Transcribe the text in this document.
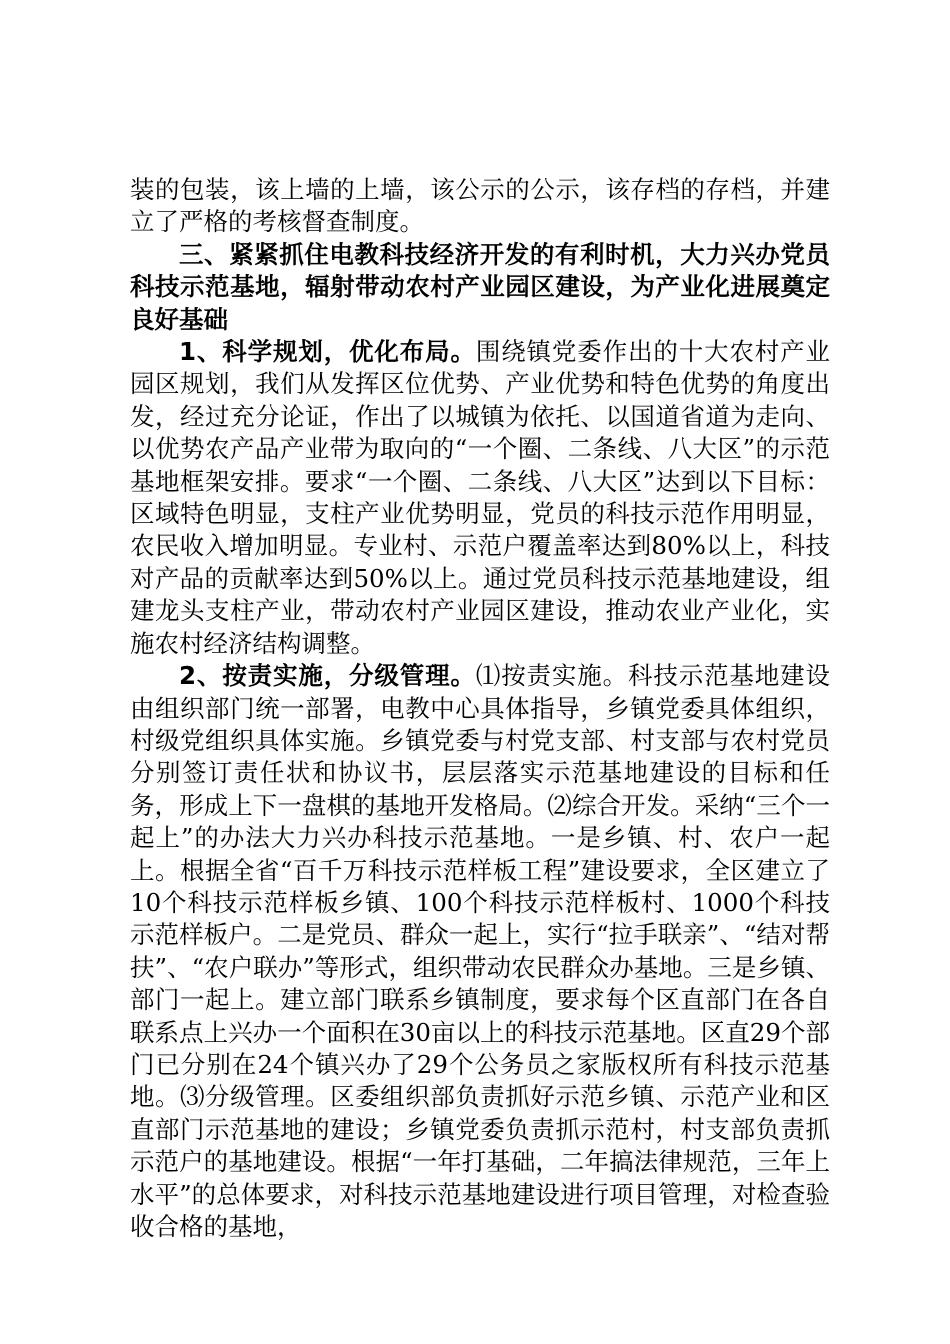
装的包装，该上墙的上墙，该公示的公示，该存档的存档，并建立了严格的考核督查制度。

三、紧紧抓住电教科技经济开发的有利时机，大力兴办党员科技示范基地，辐射带动农村产业园区建设，为产业化进展奠定良好基础

1、科学规划，优化布局。围绕镇党委作出的十大农村产业园区规划，我们从发挥区位优势、产业优势和特色优势的角度出发，经过充分论证，作出了以城镇为依托、以国道省道为走向、以优势农产品产业带为取向的“一个圈、二条线、八大区”的示范基地框架安排。要求“一个圈、二条线、八大区”达到以下目标：区域特色明显，支柱产业优势明显，党员的科技示范作用明显，农民收入增加明显。专业村、示范户覆盖率达到80%以上，科技对产品的贡献率达到50%以上。通过党员科技示范基地建设，组建龙头支柱产业，带动农村产业园区建设，推动农业产业化，实施农村经济结构调整。

2、按责实施，分级管理。⑴按责实施。科技示范基地建设由组织部门统一部署，电教中心具体指导，乡镇党委具体组织，村级党组织具体实施。乡镇党委与村党支部、村支部与农村党员分别签订责任状和协议书，层层落实示范基地建设的目标和任务，形成上下一盘棋的基地开发格局。⑵综合开发。采纳“三个一起上”的办法大力兴办科技示范基地。一是乡镇、村、农户一起上。根据全省“百千万科技示范样板工程”建设要求，全区建立了10个科技示范样板乡镇、100个科技示范样板村、1000个科技示范样板户。二是党员、群众一起上，实行“拉手联亲”、“结对帮扶”、“农户联办”等形式，组织带动农民群众办基地。三是乡镇、部门一起上。建立部门联系乡镇制度，要求每个区直部门在各自联系点上兴办一个面积在30亩以上的科技示范基地。区直29个部门已分别在24个镇兴办了29个公务员之家版权所有科技示范基地。⑶分级管理。区委组织部负责抓好示范乡镇、示范产业和区直部门示范基地的建设；乡镇党委负责抓示范村，村支部负责抓示范户的基地建设。根据“一年打基础，二年搞法律规范，三年上水平”的总体要求，对科技示范基地建设进行项目管理，对检查验收合格的基地，
